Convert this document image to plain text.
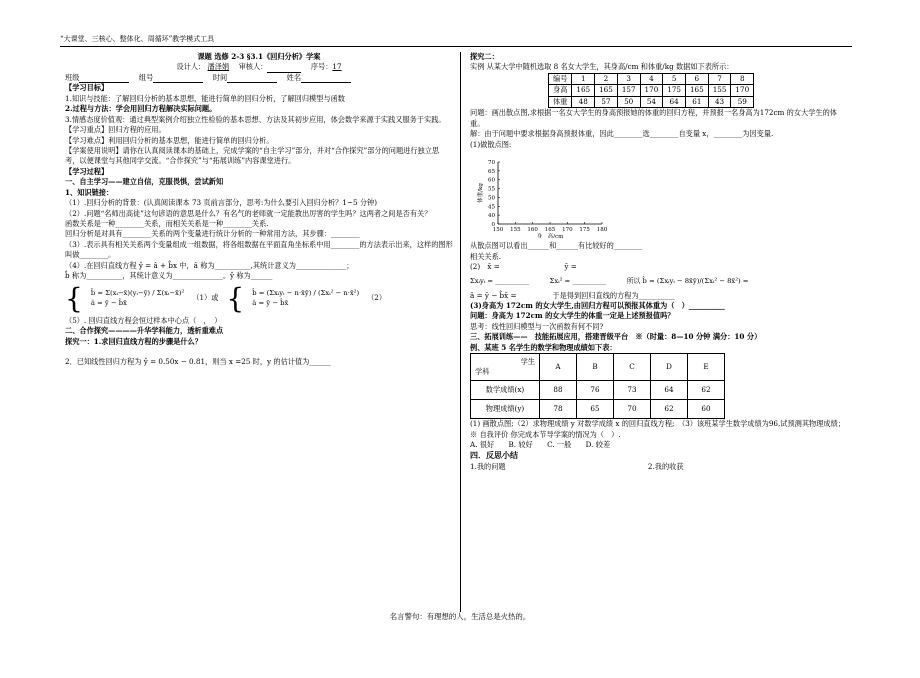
“大课堂、三核心、整体化、周循环”教学模式工具

课题 选修 2-3 §3.1《回归分析》学案

设计人： 潘泽娟　 审核人：　	序号：17

班级　	组号　	时间　	姓名

【学习目标】

1.知识与技能：了解回归分析的基本思想，能进行简单的回归分析，了解回归模型与函数

2.过程与方法：学会用回归方程解决实际问题。

3.情感态度价值观：通过典型案例介绍独立性检验的基本思想、方法及其初步应用，体会数学来源于实践又服务于实践。

【学习重点】回归方程的应用。

【学习难点】利用回归分析的基本思想，能进行简单的回归分析。

【学案使用说明】请你在认真阅读课本的基础上，完成学案的“自主学习”部分，并对“合作探究”部分的问题进行独立思考，以便课堂与其他同学交流。“合作探究”与“拓展训练”内容课堂进行。

【学习过程】

一、自主学习——建立自信，克服畏惧，尝试新知

1、知识链接：

（1）.回归分析的背景：(认真阅读课本 73 页前言部分，思考:为什么要引入回归分析？1~5 分钟)

（2）.问题“名师出高徒”这句谚语的意思是什么？有名气的老师就一定能教出厉害的学生吗？这两者之间是否有关？

函数关系是一种________关系，而相关关系是一种________关系.

回归分析是对具有________关系的两个变量进行统计分析的一种常用方法，其步骤：________

（3）.表示具有相关关系两个变量组成一组数据，将各组数据在平面直角坐标系中用________的方法表示出来，这样的图形叫做________。

（4）.在回归直线方程 ŷ = â + b̂x 中，â 称为__________,其统计意义为______________；

b̂ 称为__________，其统计意义为______________。ŷ 称为______

{ b̂ = Σ(xᵢ−x̄)(yᵢ−ȳ) / Σ(xᵢ−x̄)²
â = ȳ − b̂x̄
（1）或 { b̂ = (Σxᵢyᵢ − n·x̄ȳ) / (Σxᵢ² − n·x̄²)
â = ȳ − b̂x̄
（2）

（5）. 回归直线方程会恒过样本中心点（　，　）

二、合作探究————升华学科能力，透析重难点

探究一：1.求回归直线方程的步骤是什么？

2．已知线性回归方程为 ŷ = 0.50x − 0.81，则当 x =25 时，y 的估计值为______

探究二：

实例 从某大学中随机选取 8 名女大学生，其身高/cm 和体重/kg 数据如下表所示：

编号	1	2	3	4	5	6	7	8
身高	165	165	157	170	175	165	155	170
体重	48	57	50	54	64	61	43	59

问题：画出散点图,求根据一名女大学生的身高预报她的体重的回归方程，并预报一名身高为172cm 的女大学生的体重。

解：由于问题中要求根据身高预报体重，因此________选________自变量 x，________为因变量.

(1)做散点图:

150 155 160 165 170 175 180
0
40
45
50
55
60
65
70
身　高/cm
体重/kg

从散点图可以看出______和______有比较好的________

相关关系.

(2)　x̄ =　　　　　　　　　ȳ =

Σxᵢyᵢ = __________　　　Σxᵢ² = __________　　　所以 b̂ = (Σxᵢyᵢ − 8x̄ȳ)/(Σxᵢ² − 8x̄²) =

â = ȳ − b̂x̄ =　　　　　于是得到回归直线的方程为__________

(3)身高为 172cm 的女大学生,由回归方程可以预报其体重为（　）__________

问题：身高为 172cm 的女大学生的体重一定是上述预报值吗？

思考：线性回归模型与一次函数有何不同?

三、拓展训练——　技能拓展应用，搭建晋级平台　※（时量：8—10 分钟 满分：10 分）

例、某班 5 名学生的数学和物理成绩如下表：

学生
学科	A	B	C	D	E
数学成绩(x)	88	76	73	64	62
物理成绩(y)	78	65	70	62	60

(1) 画散点图;（2）求物理成绩 y 对数学成绩 x 的回归直线方程;　（3）该班某学生数学成绩为96,试预测其物理成绩；

※ 自我评价 你完成本节导学案的情况为（　）.

A. 很好　　B. 较好　　C. 一般　　D. 较差

四．反思小结

1.我的问题	2.我的收获

名言警句：有理想的人，生活总是火热的。
